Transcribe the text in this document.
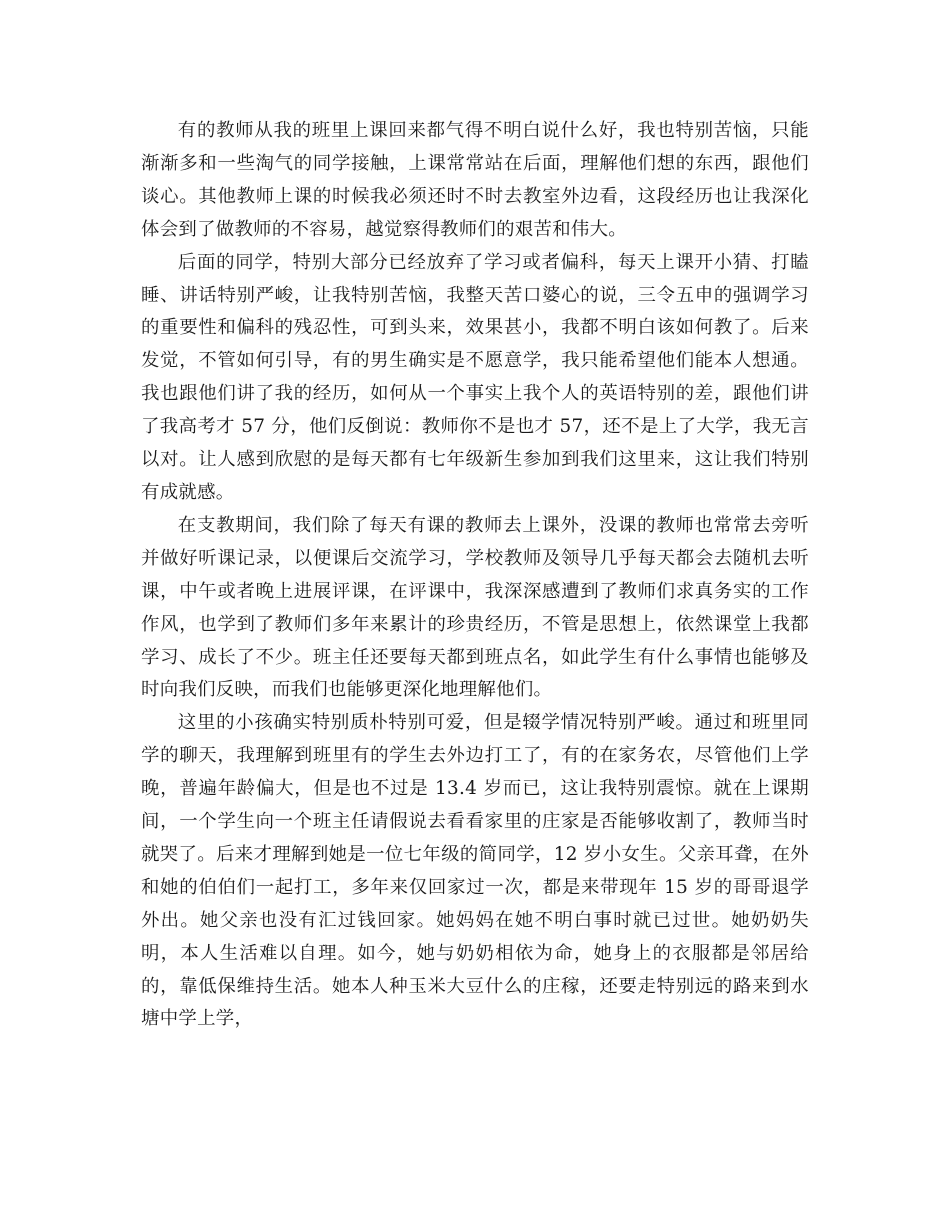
有的教师从我的班里上课回来都气得不明白说什么好，我也特别苦恼，只能渐渐多和一些淘气的同学接触，上课常常站在后面，理解他们想的东西，跟他们谈心。其他教师上课的时候我必须还时不时去教室外边看，这段经历也让我深化体会到了做教师的不容易，越觉察得教师们的艰苦和伟大。

后面的同学，特别大部分已经放弃了学习或者偏科，每天上课开小猜、打瞌睡、讲话特别严峻，让我特别苦恼，我整天苦口婆心的说，三令五申的强调学习的重要性和偏科的残忍性，可到头来，效果甚小，我都不明白该如何教了。后来发觉，不管如何引导，有的男生确实是不愿意学，我只能希望他们能本人想通。我也跟他们讲了我的经历，如何从一个事实上我个人的英语特别的差，跟他们讲了我高考才 57 分，他们反倒说：教师你不是也才 57，还不是上了大学，我无言以对。让人感到欣慰的是每天都有七年级新生参加到我们这里来，这让我们特别有成就感。

在支教期间，我们除了每天有课的教师去上课外，没课的教师也常常去旁听并做好听课记录，以便课后交流学习，学校教师及领导几乎每天都会去随机去听课，中午或者晚上进展评课，在评课中，我深深感遭到了教师们求真务实的工作作风，也学到了教师们多年来累计的珍贵经历，不管是思想上，依然课堂上我都学习、成长了不少。班主任还要每天都到班点名，如此学生有什么事情也能够及时向我们反映，而我们也能够更深化地理解他们。

这里的小孩确实特别质朴特别可爱，但是辍学情况特别严峻。通过和班里同学的聊天，我理解到班里有的学生去外边打工了，有的在家务农，尽管他们上学晚，普遍年龄偏大，但是也不过是 13.4 岁而已，这让我特别震惊。就在上课期间，一个学生向一个班主任请假说去看看家里的庄家是否能够收割了，教师当时就哭了。后来才理解到她是一位七年级的简同学，12 岁小女生。父亲耳聋，在外和她的伯伯们一起打工，多年来仅回家过一次，都是来带现年 15 岁的哥哥退学外出。她父亲也没有汇过钱回家。她妈妈在她不明白事时就已过世。她奶奶失明，本人生活难以自理。如今，她与奶奶相依为命，她身上的衣服都是邻居给的，靠低保维持生活。她本人种玉米大豆什么的庄稼，还要走特别远的路来到水塘中学上学，
